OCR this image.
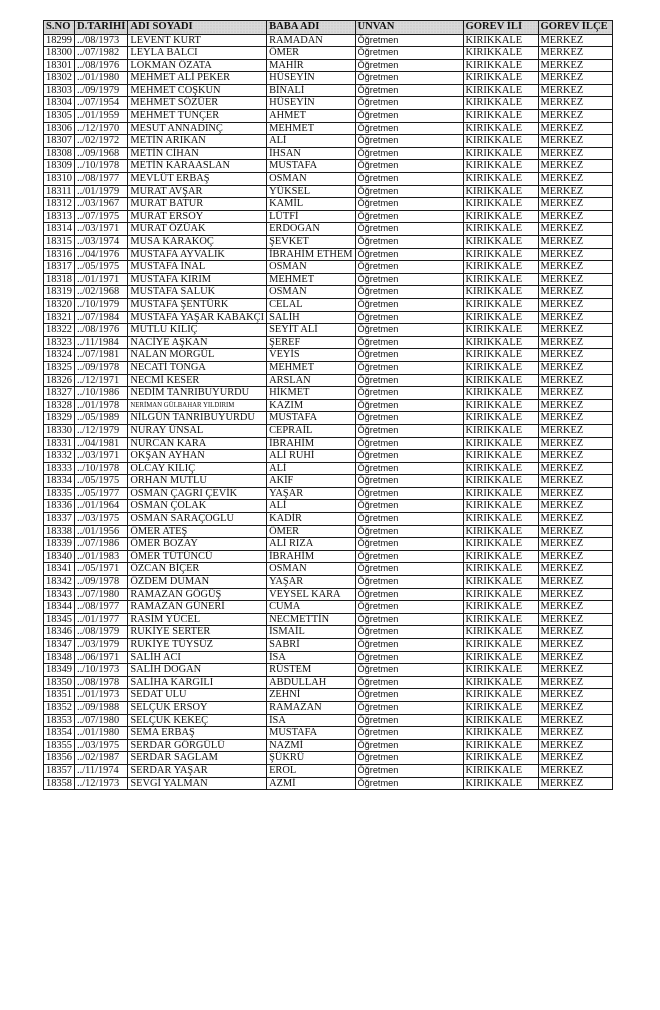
S.NO	D.TARİHİ	ADI SOYADI	BABA ADI	UNVAN	GOREV İLİ	GOREV İLÇE
18299	../08/1973	LEVENT KURT	RAMADAN	Öğretmen	KIRIKKALE	MERKEZ
18300	../07/1982	LEYLA BALCI	ÖMER	Öğretmen	KIRIKKALE	MERKEZ
18301	../08/1976	LOKMAN ÖZATA	MAHİR	Öğretmen	KIRIKKALE	MERKEZ
18302	../01/1980	MEHMET ALİ PEKER	HÜSEYİN	Öğretmen	KIRIKKALE	MERKEZ
18303	../09/1979	MEHMET COŞKUN	BİNALİ	Öğretmen	KIRIKKALE	MERKEZ
18304	../07/1954	MEHMET SÖZÜER	HÜSEYİN	Öğretmen	KIRIKKALE	MERKEZ
18305	../01/1959	MEHMET TUNÇER	AHMET	Öğretmen	KIRIKKALE	MERKEZ
18306	../12/1970	MESUT ANNADINÇ	MEHMET	Öğretmen	KIRIKKALE	MERKEZ
18307	../02/1972	METİN ARIKAN	ALİ	Öğretmen	KIRIKKALE	MERKEZ
18308	../09/1968	METİN CİHAN	İHSAN	Öğretmen	KIRIKKALE	MERKEZ
18309	../10/1978	METİN KARAASLAN	MUSTAFA	Öğretmen	KIRIKKALE	MERKEZ
18310	../08/1977	MEVLÜT ERBAŞ	OSMAN	Öğretmen	KIRIKKALE	MERKEZ
18311	../01/1979	MURAT AVŞAR	YÜKSEL	Öğretmen	KIRIKKALE	MERKEZ
18312	../03/1967	MURAT BATUR	KAMİL	Öğretmen	KIRIKKALE	MERKEZ
18313	../07/1975	MURAT ERSOY	LÜTFİ	Öğretmen	KIRIKKALE	MERKEZ
18314	../03/1971	MURAT ÖZÜAK	ERDOĞAN	Öğretmen	KIRIKKALE	MERKEZ
18315	../03/1974	MUSA KARAKOÇ	ŞEVKET	Öğretmen	KIRIKKALE	MERKEZ
18316	../04/1976	MUSTAFA AYVALIK	İBRAHİM ETHEM	Öğretmen	KIRIKKALE	MERKEZ
18317	../05/1975	MUSTAFA İNAL	OSMAN	Öğretmen	KIRIKKALE	MERKEZ
18318	../01/1971	MUSTAFA KIRIM	MEHMET	Öğretmen	KIRIKKALE	MERKEZ
18319	../02/1968	MUSTAFA SALUK	OSMAN	Öğretmen	KIRIKKALE	MERKEZ
18320	../10/1979	MUSTAFA ŞENTÜRK	CELAL	Öğretmen	KIRIKKALE	MERKEZ
18321	../07/1984	MUSTAFA YAŞAR KABAKÇI	SALİH	Öğretmen	KIRIKKALE	MERKEZ
18322	../08/1976	MUTLU KILIÇ	SEYİT ALİ	Öğretmen	KIRIKKALE	MERKEZ
18323	../11/1984	NACİYE AŞKAN	ŞEREF	Öğretmen	KIRIKKALE	MERKEZ
18324	../07/1981	NALAN MORGÜL	VEYİS	Öğretmen	KIRIKKALE	MERKEZ
18325	../09/1978	NECATİ TONGA	MEHMET	Öğretmen	KIRIKKALE	MERKEZ
18326	../12/1971	NECMİ KESER	ARSLAN	Öğretmen	KIRIKKALE	MERKEZ
18327	../10/1986	NEDİM TANRIBUYURDU	HİKMET	Öğretmen	KIRIKKALE	MERKEZ
18328	../01/1978	NERİMAN GÜLBAHAR YILDIRIM	KAZIM	Öğretmen	KIRIKKALE	MERKEZ
18329	../05/1989	NİLGÜN TANRIBUYURDU	MUSTAFA	Öğretmen	KIRIKKALE	MERKEZ
18330	../12/1979	NURAY ÜNSAL	CEPRAİL	Öğretmen	KIRIKKALE	MERKEZ
18331	../04/1981	NURCAN KARA	İBRAHİM	Öğretmen	KIRIKKALE	MERKEZ
18332	../03/1971	OKŞAN AYHAN	ALİ RUHİ	Öğretmen	KIRIKKALE	MERKEZ
18333	../10/1978	OLCAY KILIÇ	ALİ	Öğretmen	KIRIKKALE	MERKEZ
18334	../05/1975	ORHAN MUTLU	AKİF	Öğretmen	KIRIKKALE	MERKEZ
18335	../05/1977	OSMAN ÇAĞRI ÇEVİK	YAŞAR	Öğretmen	KIRIKKALE	MERKEZ
18336	../01/1964	OSMAN ÇOLAK	ALİ	Öğretmen	KIRIKKALE	MERKEZ
18337	../03/1975	OSMAN SARAÇOĞLU	KADİR	Öğretmen	KIRIKKALE	MERKEZ
18338	../01/1956	ÖMER ATEŞ	ÖMER	Öğretmen	KIRIKKALE	MERKEZ
18339	../07/1986	ÖMER BOZAY	ALİ RIZA	Öğretmen	KIRIKKALE	MERKEZ
18340	../01/1983	ÖMER TÜTÜNCÜ	İBRAHİM	Öğretmen	KIRIKKALE	MERKEZ
18341	../05/1971	ÖZCAN BİÇER	OSMAN	Öğretmen	KIRIKKALE	MERKEZ
18342	../09/1978	ÖZDEM DUMAN	YAŞAR	Öğretmen	KIRIKKALE	MERKEZ
18343	../07/1980	RAMAZAN GÖĞÜŞ	VEYSEL KARA	Öğretmen	KIRIKKALE	MERKEZ
18344	../08/1977	RAMAZAN GÜNERİ	CUMA	Öğretmen	KIRIKKALE	MERKEZ
18345	../01/1977	RASİM YÜCEL	NECMETTİN	Öğretmen	KIRIKKALE	MERKEZ
18346	../08/1979	RUKİYE SERTER	İSMAİL	Öğretmen	KIRIKKALE	MERKEZ
18347	../03/1979	RUKİYE TÜYSÜZ	SABRİ	Öğretmen	KIRIKKALE	MERKEZ
18348	../06/1971	SALİH ACI	İSA	Öğretmen	KIRIKKALE	MERKEZ
18349	../10/1973	SALİH DOĞAN	RÜSTEM	Öğretmen	KIRIKKALE	MERKEZ
18350	../08/1978	SALİHA KARGILI	ABDULLAH	Öğretmen	KIRIKKALE	MERKEZ
18351	../01/1973	SEDAT ULU	ZEHNİ	Öğretmen	KIRIKKALE	MERKEZ
18352	../09/1988	SELÇUK ERSOY	RAMAZAN	Öğretmen	KIRIKKALE	MERKEZ
18353	../07/1980	SELÇUK KEKEÇ	İSA	Öğretmen	KIRIKKALE	MERKEZ
18354	../01/1980	SEMA ERBAŞ	MUSTAFA	Öğretmen	KIRIKKALE	MERKEZ
18355	../03/1975	SERDAR GÖRGÜLÜ	NAZMİ	Öğretmen	KIRIKKALE	MERKEZ
18356	../02/1987	SERDAR SAĞLAM	ŞÜKRÜ	Öğretmen	KIRIKKALE	MERKEZ
18357	../11/1974	SERDAR YAŞAR	EROL	Öğretmen	KIRIKKALE	MERKEZ
18358	../12/1973	SEVGİ YALMAN	AZMİ	Öğretmen	KIRIKKALE	MERKEZ
